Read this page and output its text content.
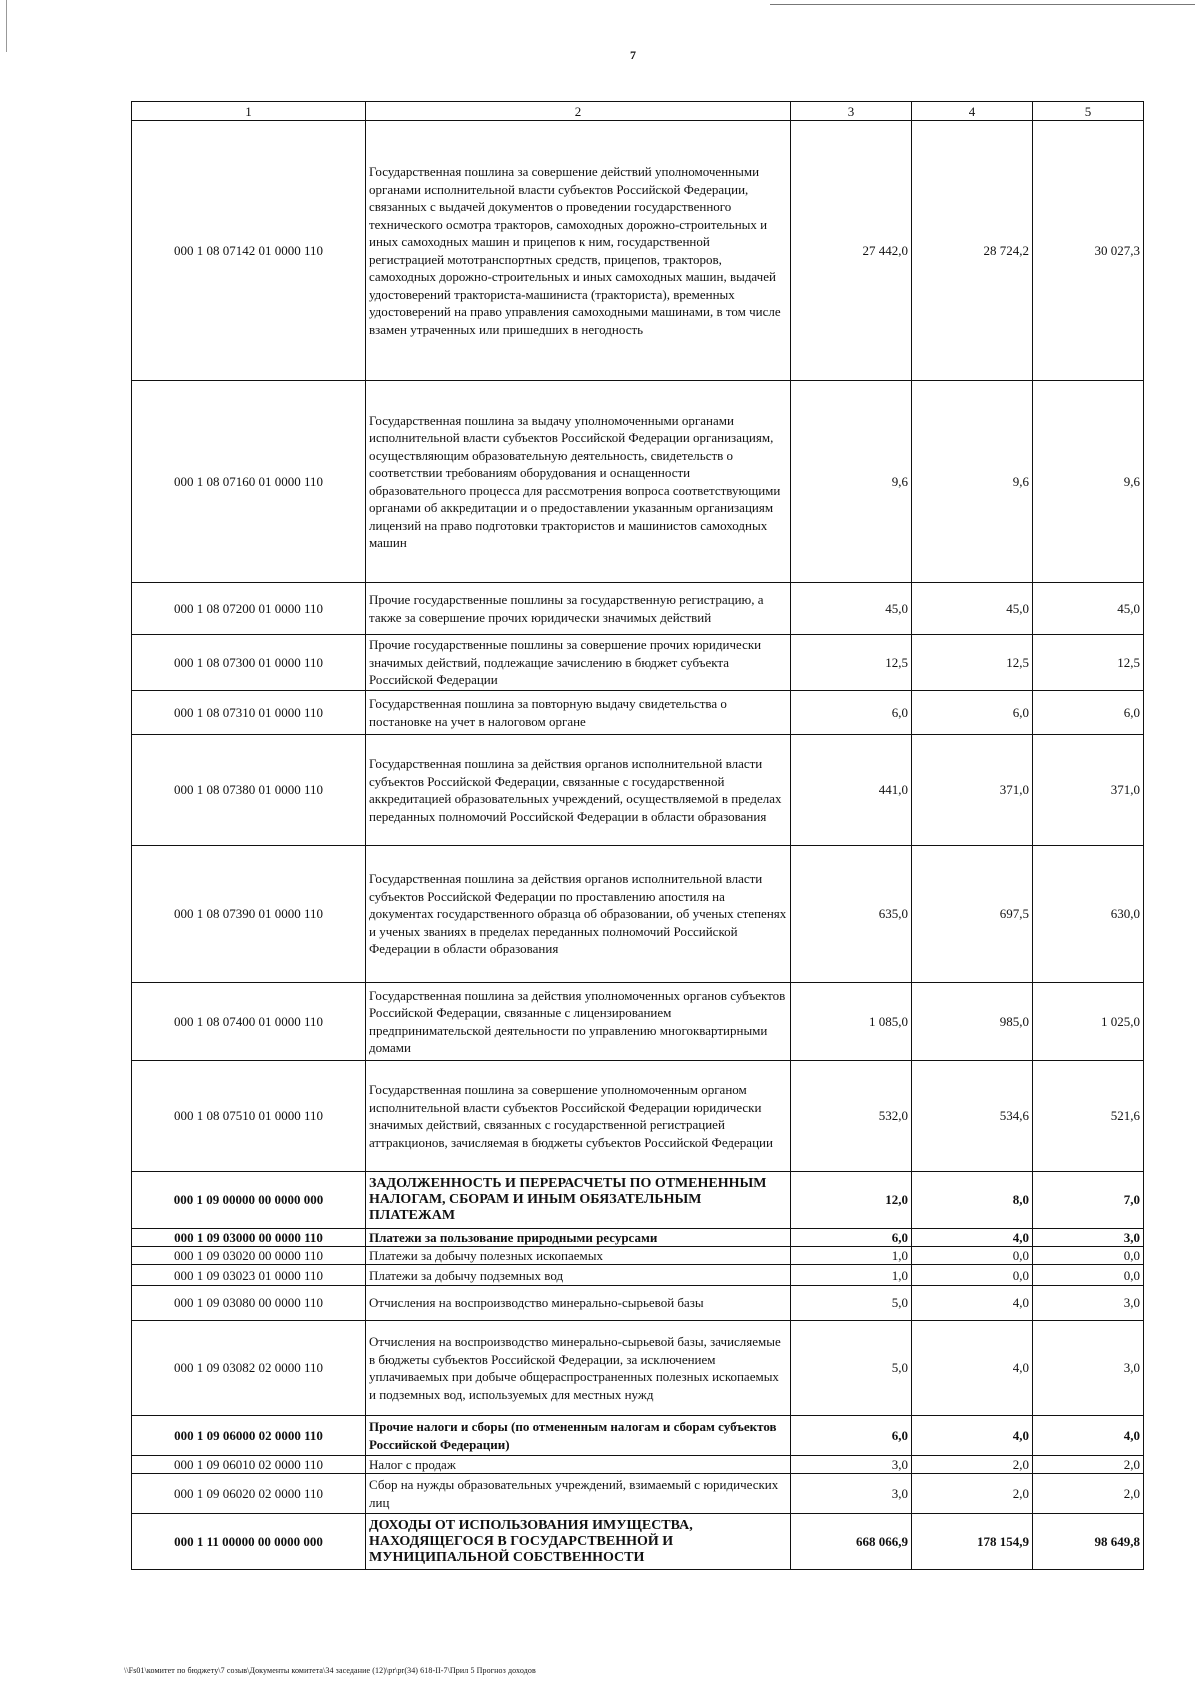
7
1	2	3	4	5
000 1 08 07142 01 0000 110	Государственная пошлина за совершение действий уполномоченными органами исполнительной власти субъектов Российской Федерации, связанных с выдачей документов о проведении государственного технического осмотра тракторов, самоходных дорожно-строительных и иных самоходных машин и прицепов к ним, государственной регистрацией мототранспортных средств, прицепов, тракторов, самоходных дорожно-строительных и иных самоходных машин, выдачей удостоверений тракториста-машиниста (тракториста), временных удостоверений на право управления самоходными машинами, в том числе взамен утраченных или пришедших в негодность	27 442,0	28 724,2	30 027,3
000 1 08 07160 01 0000 110	Государственная пошлина за выдачу уполномоченными органами исполнительной власти субъектов Российской Федерации организациям, осуществляющим образовательную деятельность, свидетельств о соответствии требованиям оборудования и оснащенности образовательного процесса для рассмотрения вопроса соответствующими органами об аккредитации и о предоставлении указанным организациям лицензий на право подготовки трактористов и машинистов самоходных машин	9,6	9,6	9,6
000 1 08 07200 01 0000 110	Прочие государственные пошлины за государственную регистрацию, а также за совершение прочих юридически значимых действий	45,0	45,0	45,0
000 1 08 07300 01 0000 110	Прочие государственные пошлины за совершение прочих юридически значимых действий, подлежащие зачислению в бюджет субъекта Российской Федерации	12,5	12,5	12,5
000 1 08 07310 01 0000 110	Государственная пошлина за повторную выдачу свидетельства о постановке на учет в налоговом органе	6,0	6,0	6,0
000 1 08 07380 01 0000 110	Государственная пошлина за действия органов исполнительной власти субъектов Российской Федерации, связанные с государственной аккредитацией образовательных учреждений, осуществляемой в пределах переданных полномочий Российской Федерации в области образования	441,0	371,0	371,0
000 1 08 07390 01 0000 110	Государственная пошлина за действия органов исполнительной власти субъектов Российской Федерации по проставлению апостиля на документах государственного образца об образовании, об ученых степенях и ученых званиях в пределах переданных полномочий Российской Федерации в области образования	635,0	697,5	630,0
000 1 08 07400 01 0000 110	Государственная пошлина за действия уполномоченных органов субъектов Российской Федерации, связанные с лицензированием предпринимательской деятельности по управлению многоквартирными домами	1 085,0	985,0	1 025,0
000 1 08 07510 01 0000 110	Государственная пошлина за совершение уполномоченным органом исполнительной власти субъектов Российской Федерации юридически значимых действий, связанных с государственной регистрацией аттракционов, зачисляемая в бюджеты субъектов Российской Федерации	532,0	534,6	521,6
000 1 09 00000 00 0000 000	ЗАДОЛЖЕННОСТЬ И ПЕРЕРАСЧЕТЫ ПО ОТМЕНЕННЫМ НАЛОГАМ, СБОРАМ И ИНЫМ ОБЯЗАТЕЛЬНЫМ ПЛАТЕЖАМ	12,0	8,0	7,0
000 1 09 03000 00 0000 110	Платежи за пользование природными ресурсами	6,0	4,0	3,0
000 1 09 03020 00 0000 110	Платежи за добычу полезных ископаемых	1,0	0,0	0,0
000 1 09 03023 01 0000 110	Платежи за добычу подземных вод	1,0	0,0	0,0
000 1 09 03080 00 0000 110	Отчисления на воспроизводство минерально-сырьевой базы	5,0	4,0	3,0
000 1 09 03082 02 0000 110	Отчисления на воспроизводство минерально-сырьевой базы, зачисляемые в бюджеты субъектов Российской Федерации, за исключением уплачиваемых при добыче общераспространенных полезных ископаемых и подземных вод, используемых для местных нужд	5,0	4,0	3,0
000 1 09 06000 02 0000 110	Прочие налоги и сборы (по отмененным налогам и сборам субъектов Российской Федерации)	6,0	4,0	4,0
000 1 09 06010 02 0000 110	Налог с продаж	3,0	2,0	2,0
000 1 09 06020 02 0000 110	Сбор на нужды образовательных учреждений, взимаемый с юридических лиц	3,0	2,0	2,0
000 1 11 00000 00 0000 000	ДОХОДЫ ОТ ИСПОЛЬЗОВАНИЯ ИМУЩЕСТВА, НАХОДЯЩЕГОСЯ В ГОСУДАРСТВЕННОЙ И МУНИЦИПАЛЬНОЙ СОБСТВЕННОСТИ	668 066,9	178 154,9	98 649,8
\\Fs01\комитет по бюджету\7 созыв\Документы комитета\34 заседание (12)\pr\pr(34) 618-II-7\Прил 5 Прогноз доходов
